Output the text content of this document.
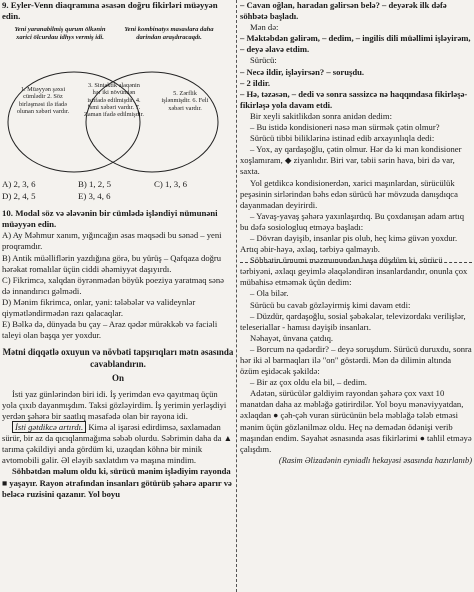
9. Eyler-Venn diaqramına əsasən doğru fikirləri müəyyən edin.

Yeni yaranabilmiş qurum ölkənin xarici ölcurdau idhys vermiş idi.
Yeni kombinatys masaslara daha darindan araşdıracaqdı.
1. Müəyyən şəxsi cümlədir 2. Söz birləşməsi ilə ifadə olunan xəbəri vardır.
3. Sintaktik əlaqənin hər iki növündən istifadə edilmişdir. 4. İsmi xəbəri vardır. 7. Zaman ifadə edilmişdir.
5. Zərflik işlənmişdir. 6. Feli xəbəri vardır.
A) 2, 3, 6	B) 1, 2, 5	C) 1, 3, 6
D) 2, 4, 5	E) 3, 4, 6

10. Modal söz və ələvənin bir cümlədə işləndiyi nümunəni müəyyən edin.

A) Ay Məhmur xanım, yığıncağın əsas məqsədi bu sənəd – yeni proqramdır.

B) Antik müəlliflərin yazdığına görə, bu yürüş – Qafqaza doğru hərəkat romalılar üçün ciddi əhəmiyyət daşıyırdı.

C) Fikrimcə, xalqdan öyrənmədən böyük poeziya yaratmaq sənə də innandırıcı gəlmədi.

D) Mənim fikrimcə, onlar, yəni: tələbələr və valideynlər qiymətləndirmədən razı qalacaqlar.

E) Bəlkə də, dünyada bu çay – Araz qədər mürəkkəb və faciəli taleyi olan başqa yer yoxdur.

Mətni diqqətlə oxuyun və növbəti tapşırıqları mətn əsasında cavablandırın.

On

İsti yaz günlərindən biri idi. İş yerimdən evə qayıtmaq üçün yola çıxıb dayanmışdım. Taksi gözləyirdim. İş yerimin yerləşdiyi yerdən şəhərə bir saatlıq məsafədə olan bir rayona idi.

İsti gətdikcə artırdı. Kimə əl işarəsi edirdimsə, saxlamadan sürür, bir az da qıcıqlanmağıma səbəb olurdu. Səbrimin daha da ▲ tarıma çəkildiyi anda gördüm ki, uzaqdan köhnə bir minik avtomobili gəlir. Əl eləyib saxlatdım və maşına mindim.

Söhbətdən məlum oldu ki, sürücü mənim işlədiyim rayonda ■ yaşayır. Rayon ətrafından insanları götürüb şəhərə aparır və beləcə ruzisini qazanır. Yol boyu

– Cavan oğlan, haradan gəlirsən belə? – deyərək ilk dəfə söhbətə başladı.

Mən də:

– Məktəbdən gəlirəm, – dedim, – ingilis dili müəllimi işləyirəm, – deyə əlavə etdim.

Sürücü:

– Necə ildir, işləyirsən? – soruşdu.

– 2 ildir.

– Hə, təzəsən, – dedi və sonra sassizcə nə haqqındasa fikirləşə-fikirləşə yola davam etdi.

Bir xeyli sakitlikdən sonra anidən dedim:

– Bu istidə kondisioneri nəsə mən sürmək çətin olmur?

Sürücü tibbi biliklərinə istinad edib arxayınlıqla dedi:

– Yox, ay qardaşoğlu, çətin olmur. Hər də ki mən kondisioner xoşlamıram, ◆ ziyanlıdır. Biri var, təbii sərin hava, biri də var, saxta.

Yol getdikcə kondisionerdən, xarici maşınlardan, sürücülük peşəsinin sirlərindən bəhs edən sürücü hər mövzuda danışdıqca dayanmadan deyirirdi.

– Yavaş-yavaş şəhərə yaxınlaşırdıq. Bu çoxdanışan adam artıq bu dəfə sosiologluq etməyə başladı:

– Dövran dəyişib, insanlar pis olub, heç kimə güvən yoxdur. Artıq əbir-həyə, əxlaq, tərbiyə qalmayıb.

Söhbətin ümumi məzmunundan başa düşdüm ki, sürücü tərbiyəni, əxlaqı geyimlə əlaqələndirən insanlardandır, onunla çox mübahisə etməmək üçün dedim:

– Ola bilər.

Sürücü bu cavab gözləyirmiş kimi davam etdi:

– Düzdür, qardaşoğlu, sosial şəbəkələr, televizordakı verilişlər, teleseriallar - hamısı dəyişib insanları.

Nəhayət, ünvana çatdıq.

– Borcum nə qədərdir? – deyə soruşdum. Sürücü duruxdu, sonra hər iki əl barmaqları ilə "on" göstərdi. Mən də dilimin altında özüm eşidəcək şəkildə:

– Bir az çox oldu ela bil, – dedim.

Adətən, sürücülər gəldiyim rayondan şəhərə çox vaxt 10 manatdan daha az məbləğə gətirirdilər. Yol boyu mənəviyyatdan, əxlaqdan ● çəh-çəh vuran sürücünün belə məbləğə tələb etməsi mənim üçün gözlənilməz oldu. Heç nə demədən ödənişi verib maşından endim. Səyahət əsnasında əsas fikirlərimi ● tahlil etməyə çalışdım.

(Rasim Əlizadənin eyniadlı hekayəsi əsasında hazırlanıb)
